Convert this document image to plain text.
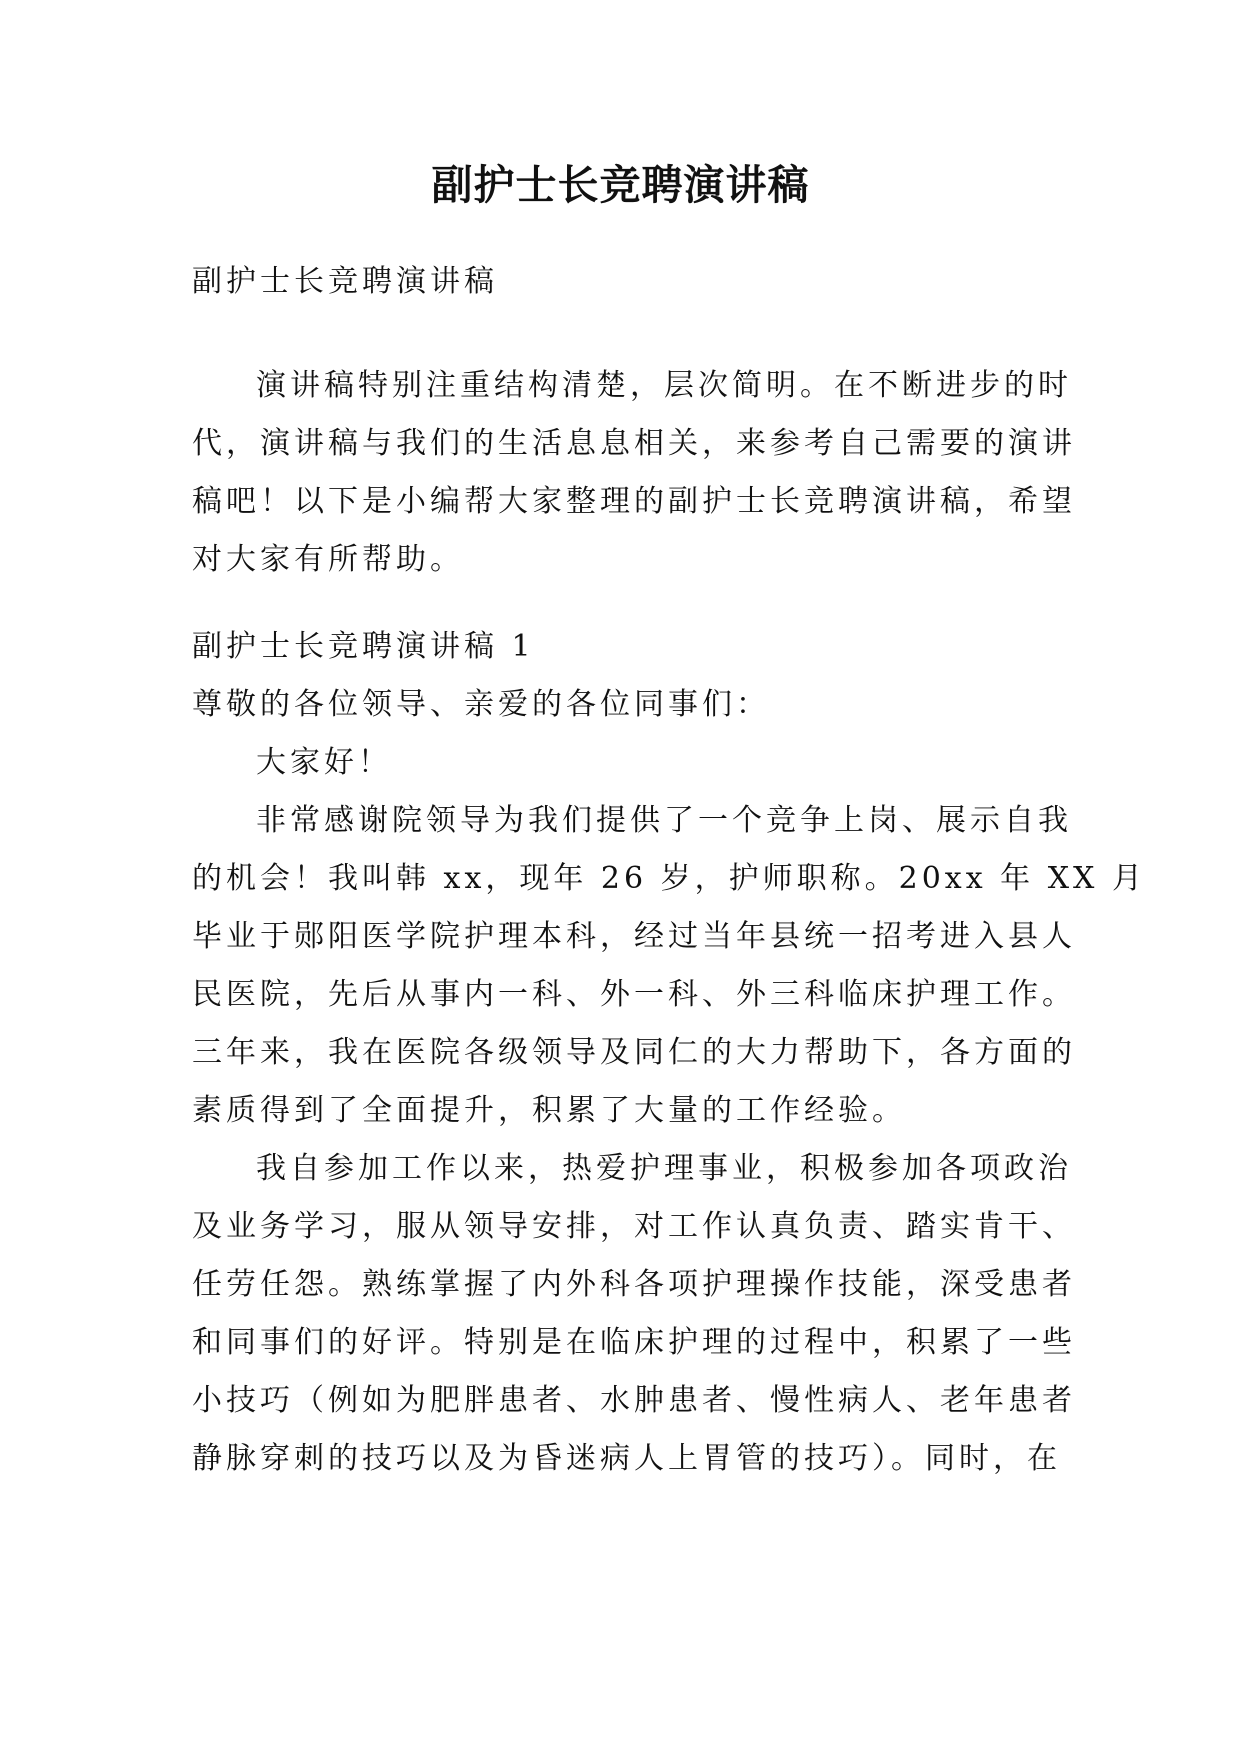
副护士长竞聘演讲稿

副护士长竞聘演讲稿

演讲稿特别注重结构清楚，层次简明。在不断进步的时
代，演讲稿与我们的生活息息相关，来参考自己需要的演讲
稿吧！以下是小编帮大家整理的副护士长竞聘演讲稿，希望
对大家有所帮助。
副护士长竞聘演讲稿 1
尊敬的各位领导、亲爱的各位同事们：
大家好！
非常感谢院领导为我们提供了一个竞争上岗、展示自我
的机会！我叫韩 xx，现年 26 岁，护师职称。20xx 年 XX 月
毕业于郧阳医学院护理本科，经过当年县统一招考进入县人
民医院，先后从事内一科、外一科、外三科临床护理工作。
三年来，我在医院各级领导及同仁的大力帮助下，各方面的
素质得到了全面提升，积累了大量的工作经验。
我自参加工作以来，热爱护理事业，积极参加各项政治
及业务学习，服从领导安排，对工作认真负责、踏实肯干、
任劳任怨。熟练掌握了内外科各项护理操作技能，深受患者
和同事们的好评。特别是在临床护理的过程中，积累了一些
小技巧（例如为肥胖患者、水肿患者、慢性病人、老年患者
静脉穿刺的技巧以及为昏迷病人上胃管的技巧）。同时，在
